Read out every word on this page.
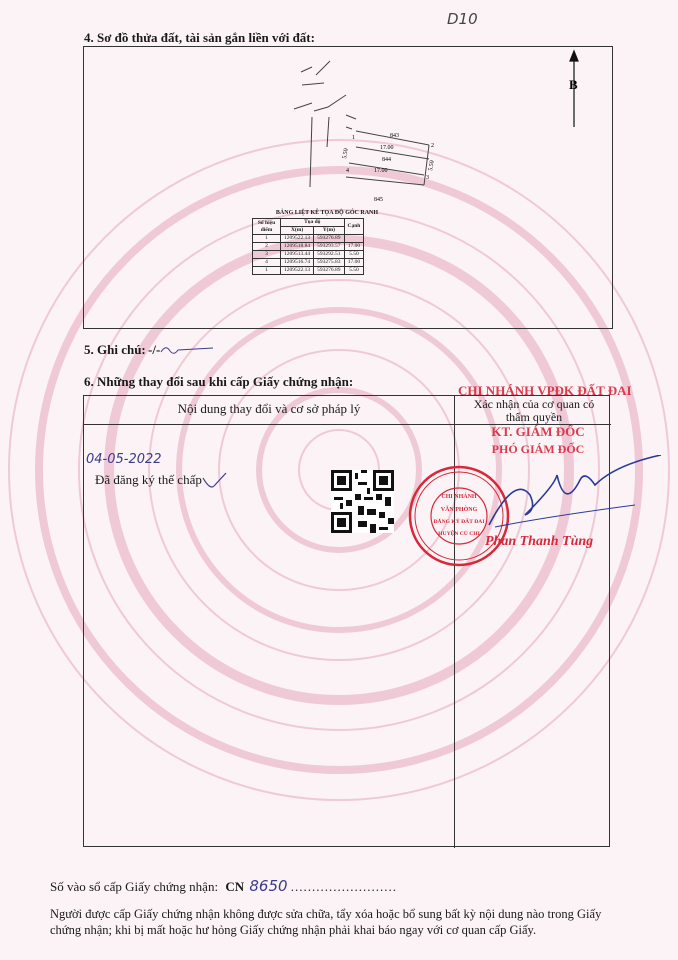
D10
4. Sơ đồ thửa đất, tài sản gắn liền với đất:
B
843
844
845
17.00
17.00
5.50
5.50
1
2
3
4
BẢNG LIỆT KÊ TỌA ĐỘ GÓC RANH
Số hiệu điểm	Tọa độ		Cạnh
	X(m)	Y(m)	
1	1209522.13	593276.89	
2	1209518.84	593293.57	17.00
3	1209513.44	593292.51	5.50
4	1209516.74	593275.83	17.00
1	1209522.13	593276.89	5.50
5. Ghi chú: -/-
6. Những thay đổi sau khi cấp Giấy chứng nhận:
Nội dung thay đổi và cơ sở pháp lý	Xác nhận của cơ quan có thẩm quyền
04-05-2022
Đã đăng ký thế chấp
CHI NHÁNH
VĂN PHÒNG
ĐĂNG KÝ ĐẤT ĐAI
HUYỆN CỦ CHI
CHI NHÁNH VPĐK ĐẤT ĐAI
KT. GIÁM ĐỐC
PHÓ GIÁM ĐỐC
Phan Thanh Tùng
Số vào sổ cấp Giấy chứng nhận: CN 8650 .........................
Người được cấp Giấy chứng nhận không được sửa chữa, tẩy xóa hoặc bổ sung bất kỳ nội dung nào trong Giấy chứng nhận; khi bị mất hoặc hư hỏng Giấy chứng nhận phải khai báo ngay với cơ quan cấp Giấy.
